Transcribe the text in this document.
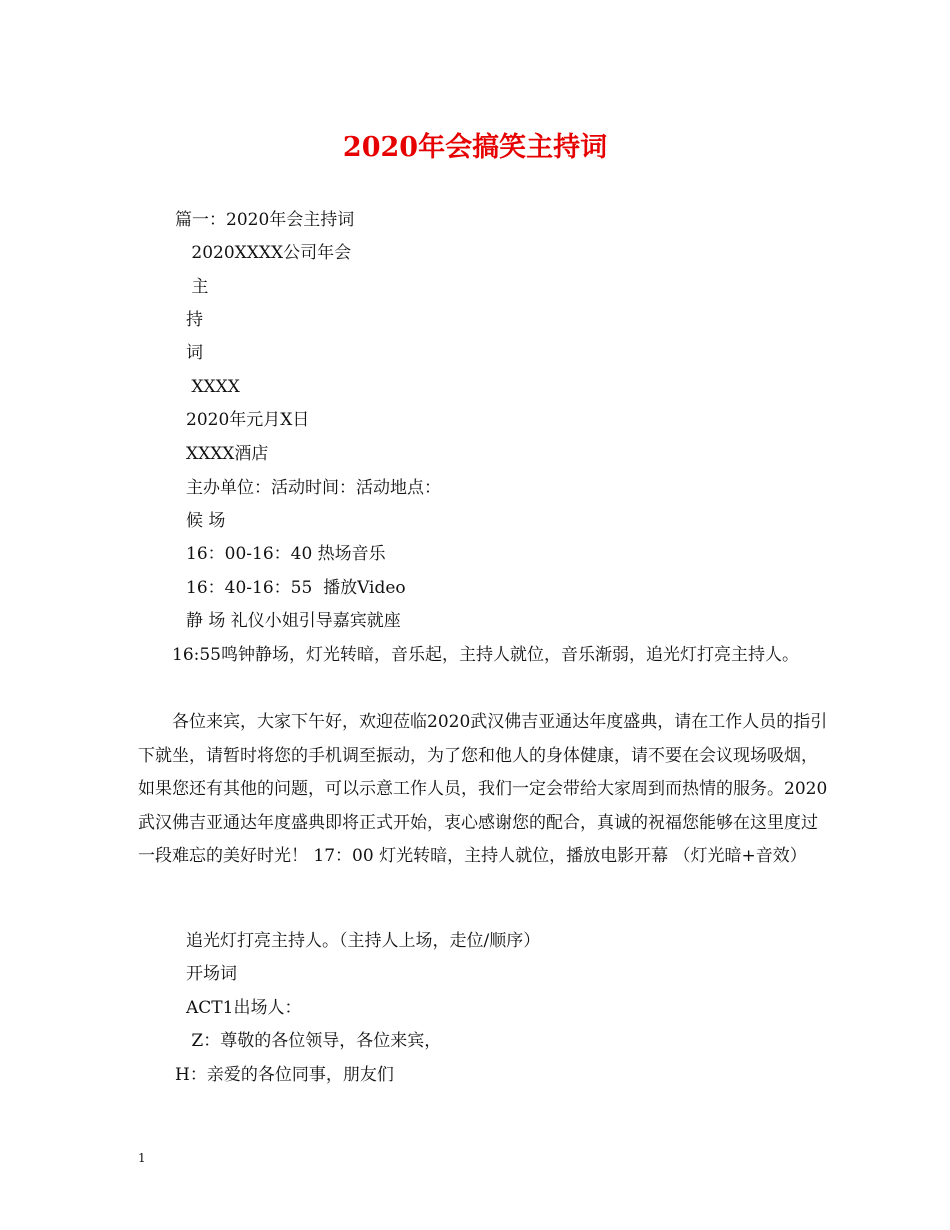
2020年会搞笑主持词
篇一：2020年会主持词
2020XXXX公司年会
主
持
词
XXXX
2020年元月X日
XXXX酒店
主办单位：活动时间：活动地点：
候 场
16：00-16：40 热场音乐
16：40-16：55  播放Video
静 场 礼仪小姐引导嘉宾就座
16:55鸣钟静场，灯光转暗，音乐起，主持人就位，音乐渐弱，追光灯打亮主持人。
各位来宾，大家下午好，欢迎莅临2020武汉佛吉亚通达年度盛典，请在工作人员的指引下就坐，请暂时将您的手机调至振动，为了您和他人的身体健康，请不要在会议现场吸烟，如果您还有其他的问题，可以示意工作人员，我们一定会带给大家周到而热情的服务。2020武汉佛吉亚通达年度盛典即将正式开始，衷心感谢您的配合，真诚的祝福您能够在这里度过一段难忘的美好时光！ 17：00 灯光转暗，主持人就位，播放电影开幕 （灯光暗+音效）
追光灯打亮主持人。（主持人上场，走位/顺序）
开场词
ACT1出场人：
Z：尊敬的各位领导，各位来宾，
H：亲爱的各位同事，朋友们
1
